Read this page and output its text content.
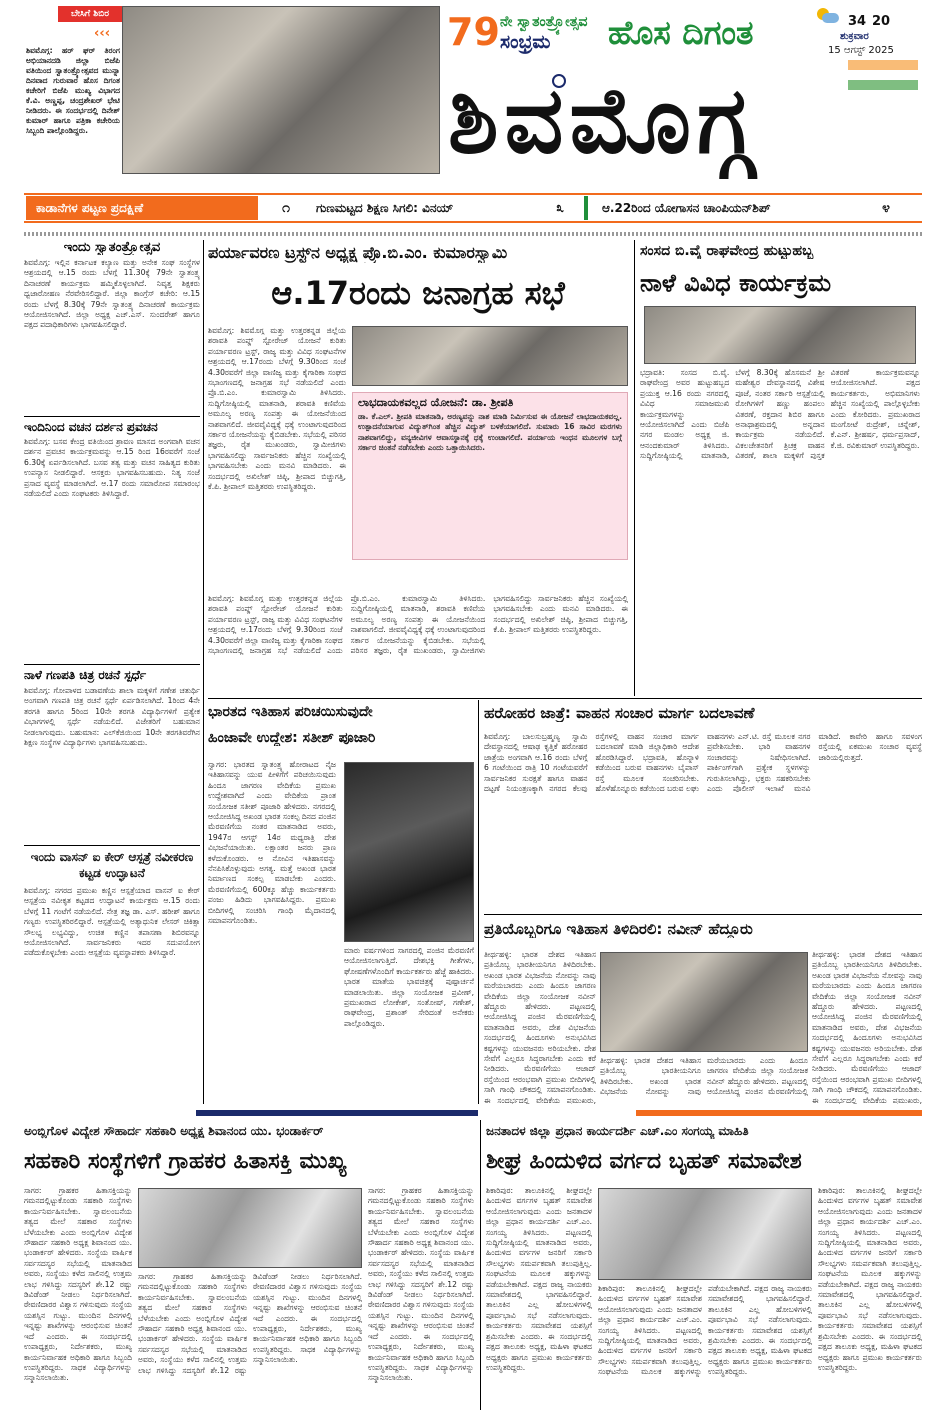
ಬೇಸಿಗೆ ಶಿಬಿರ
‹‹‹
ಶಿವಮೊಗ್ಗ: ಹರ್ ಘರ್ ತಿರಂಗ ಅಭಿಯಾನದಡಿ ಜಿಲ್ಲಾ ಬಿಜೆಪಿ ವತಿಯಿಂದ ಸ್ವಾತಂತ್ರ್ಯೋತ್ಸವದ ಮುನ್ನಾ ದಿನವಾದ ಗುರುವಾರ ಹೊಸ ದಿಗಂತ ಕಚೇರಿಗೆ ಬಿಜೆಪಿ ಮುಖ್ಯ ವಿಭಾಗದ ಕೆ.ವಿ. ಅಣ್ಣಪ್ಪ, ಚಂದ್ರಶೇಖರ್ ಭೇಟಿ ನೀಡಿದರು. ಈ ಸಂದರ್ಭದಲ್ಲಿ ದಿನೇಶ್ ಕುಮಾರ್ ಹಾಗೂ ಪತ್ರಿಕಾ ಕಚೇರಿಯ ಸಿಬ್ಬಂದಿ ಪಾಲ್ಗೊಂಡಿದ್ದರು.
79 ನೇ ಸ್ವಾತಂತ್ರ್ಯೋತ್ಸವ
ಸಂಭ್ರಮ ಹೊಸ ದಿಗಂತ	34 20
ಶುಕ್ರವಾರ
15 ಆಗಸ್ಟ್ 2025
ಶಿವಮೊಗ್ಗ
ಕಾಡಾನೆಗಳ ಪಟ್ಟಣ ಪ್ರದಕ್ಷಿಣೆ	೧	ಗುಣಮಟ್ಟದ ಶಿಕ್ಷಣ ಸಿಗಲಿ: ವಿನಯ್	೩	ಆ.22ರಿಂದ ಯೋಗಾಸನ ಚಾಂಪಿಯನ್‌ಶಿಪ್	೪
ಇಂದು ಸ್ವಾತಂತ್ರ್ಯೋತ್ಸವ
ಶಿವಮೊಗ್ಗ: ಇಲ್ಲಿನ ಕರ್ನಾಟಕ ಕಲ್ಯಾಣ ಮತ್ತು ಅನೇಕ ಸಂಘ ಸಂಸ್ಥೆಗಳ ಆಶ್ರಯದಲ್ಲಿ ಆ.15 ರಂದು ಬೆಳಗ್ಗೆ 11.30ಕ್ಕೆ 79ನೇ ಸ್ವಾತಂತ್ರ್ಯ ದಿನಾಚರಣೆ ಕಾರ್ಯಕ್ರಮ ಹಮ್ಮಿಕೊಳ್ಳಲಾಗಿದೆ. ನಿವೃತ್ತ ಶಿಕ್ಷಕರು ಧ್ವಜಾರೋಹಣ ನೆರವೇರಿಸಲಿದ್ದಾರೆ. ಜಿಲ್ಲಾ ಕಾಂಗ್ರೆಸ್ ಕಚೇರಿ: ಆ.15 ರಂದು ಬೆಳಗ್ಗೆ 8.30ಕ್ಕೆ 79ನೇ ಸ್ವಾತಂತ್ರ್ಯ ದಿನಾಚರಣೆ ಕಾರ್ಯಕ್ರಮ ಆಯೋಜಿಸಲಾಗಿದೆ. ಜಿಲ್ಲಾ ಅಧ್ಯಕ್ಷ ಎಚ್.ಎಸ್. ಸುಂದರೇಶ್ ಹಾಗೂ ಪಕ್ಷದ ಪದಾಧಿಕಾರಿಗಳು ಭಾಗವಹಿಸಲಿದ್ದಾರೆ.
ಇಂದಿನಿಂದ ವಚನ ದರ್ಶನ ಪ್ರವಚನ
ಶಿವಮೊಗ್ಗ: ಬಸವ ಕೇಂದ್ರ ವತಿಯಿಂದ ಶ್ರಾವಣ ಮಾಸದ ಅಂಗವಾಗಿ ವಚನ ದರ್ಶನ ಪ್ರವಚನ ಕಾರ್ಯಕ್ರಮವನ್ನು ಆ.15 ರಿಂದ 16ರವರೆಗೆ ಸಂಜೆ 6.30ಕ್ಕೆ ಏರ್ಪಡಿಸಲಾಗಿದೆ. ಬಸವ ತತ್ವ ಮತ್ತು ವಚನ ಸಾಹಿತ್ಯದ ಕುರಿತು ಉಪನ್ಯಾಸ ನೀಡಲಿದ್ದಾರೆ. ಆಸಕ್ತರು ಭಾಗವಹಿಸಬಹುದು. ನಿತ್ಯ ಸಂಜೆ ಪ್ರಸಾದ ವ್ಯವಸ್ಥೆ ಮಾಡಲಾಗಿದೆ. ಆ.17 ರಂದು ಸಮಾರೋಪ ಸಮಾರಂಭ ನಡೆಯಲಿದೆ ಎಂದು ಸಂಘಟಕರು ತಿಳಿಸಿದ್ದಾರೆ.
ನಾಳೆ ಗಣಪತಿ ಚಿತ್ರ ರಚನೆ ಸ್ಪರ್ಧೆ
ಶಿವಮೊಗ್ಗ: ಗೋಪಾಳದ ಬಡಾವಣೆಯ ಶಾಲಾ ಮಕ್ಕಳಿಗೆ ಗಣೇಶ ಚತುರ್ಥಿ ಅಂಗವಾಗಿ ಗಣಪತಿ ಚಿತ್ರ ರಚನೆ ಸ್ಪರ್ಧೆ ಏರ್ಪಡಿಸಲಾಗಿದೆ. 1ರಿಂದ 4ನೇ ತರಗತಿ ಹಾಗೂ 5ರಿಂದ 10ನೇ ತರಗತಿ ವಿದ್ಯಾರ್ಥಿಗಳಿಗೆ ಪ್ರತ್ಯೇಕ ವಿಭಾಗಗಳಲ್ಲಿ ಸ್ಪರ್ಧೆ ನಡೆಯಲಿದೆ. ವಿಜೇತರಿಗೆ ಬಹುಮಾನ ನೀಡಲಾಗುವುದು. ಬಹುಮಾನ: ಎಲ್‌ಕೆಜಿಯಿಂದ 10ನೇ ತರಗತಿವರೆಗಿನ ಶಿಕ್ಷಣ ಸಂಸ್ಥೆಗಳ ವಿದ್ಯಾರ್ಥಿಗಳು ಭಾಗವಹಿಸಬಹುದು.
ಇಂದು ವಾಸನ್ ಐ ಕೇರ್ ಆಸ್ಪತ್ರೆ ನವೀಕರಣ ಕಟ್ಟಡ ಉದ್ಘಾಟನೆ
ಶಿವಮೊಗ್ಗ: ನಗರದ ಪ್ರಮುಖ ಕಣ್ಣಿನ ಆಸ್ಪತ್ರೆಯಾದ ವಾಸನ್ ಐ ಕೇರ್ ಆಸ್ಪತ್ರೆಯ ನವೀಕೃತ ಕಟ್ಟಡದ ಉದ್ಘಾಟನೆ ಕಾರ್ಯಕ್ರಮ ಆ.15 ರಂದು ಬೆಳಗ್ಗೆ 11 ಗಂಟೆಗೆ ನಡೆಯಲಿದೆ. ನೇತ್ರ ತಜ್ಞ ಡಾ. ಎಸ್. ಹರೀಶ್ ಹಾಗೂ ಗಣ್ಯರು ಉಪಸ್ಥಿತರಿರಲಿದ್ದಾರೆ. ಆಸ್ಪತ್ರೆಯಲ್ಲಿ ಅತ್ಯಾಧುನಿಕ ಲೇಸರ್ ಚಿಕಿತ್ಸಾ ಸೌಲಭ್ಯ ಲಭ್ಯವಿದ್ದು, ಉಚಿತ ಕಣ್ಣಿನ ತಪಾಸಣಾ ಶಿಬಿರವನ್ನೂ ಆಯೋಜಿಸಲಾಗಿದೆ. ಸಾರ್ವಜನಿಕರು ಇದರ ಸದುಪಯೋಗ ಪಡೆದುಕೊಳ್ಳಬೇಕು ಎಂದು ಆಸ್ಪತ್ರೆಯ ವ್ಯವಸ್ಥಾಪಕರು ತಿಳಿಸಿದ್ದಾರೆ.
ಪರ್ಯಾವರಣ ಟ್ರಸ್ಟ್‌ನ ಅಧ್ಯಕ್ಷ ಪ್ರೊ.ಬಿ.ಎಂ. ಕುಮಾರಸ್ವಾಮಿ
ಆ.17ರಂದು ಜನಾಗ್ರಹ ಸಭೆ
ಶಿವಮೊಗ್ಗ: ಶಿವಮೊಗ್ಗ ಮತ್ತು ಉತ್ತರಕನ್ನಡ ಜಿಲ್ಲೆಯ ಶರಾವತಿ ಪಂಪ್ಡ್ ಸ್ಟೋರೇಜ್ ಯೋಜನೆ ಕುರಿತು ಪರ್ಯಾವರಣ ಟ್ರಸ್ಟ್, ರಾಜ್ಯ ಮತ್ತು ವಿವಿಧ ಸಂಘಟನೆಗಳ ಆಶ್ರಯದಲ್ಲಿ ಆ.17ರಂದು ಬೆಳಗ್ಗೆ 9.30ರಿಂದ ಸಂಜೆ 4.30ರವರೆಗೆ ಜಿಲ್ಲಾ ವಾಣಿಜ್ಯ ಮತ್ತು ಕೈಗಾರಿಕಾ ಸಂಘದ ಸಭಾಂಗಣದಲ್ಲಿ ಜನಾಗ್ರಹ ಸಭೆ ನಡೆಯಲಿದೆ ಎಂದು ಪ್ರೊ.ಬಿ.ಎಂ. ಕುಮಾರಸ್ವಾಮಿ ತಿಳಿಸಿದರು. ಸುದ್ದಿಗೋಷ್ಠಿಯಲ್ಲಿ ಮಾತನಾಡಿ, ಶರಾವತಿ ಕಣಿವೆಯ ಅಮೂಲ್ಯ ಅರಣ್ಯ ಸಂಪತ್ತು ಈ ಯೋಜನೆಯಿಂದ ನಾಶವಾಗಲಿದೆ. ಜೀವವೈವಿಧ್ಯಕ್ಕೆ ಧಕ್ಕೆ ಉಂಟಾಗುವುದರಿಂದ ಸರ್ಕಾರ ಯೋಜನೆಯನ್ನು ಕೈಬಿಡಬೇಕು. ಸಭೆಯಲ್ಲಿ ಪರಿಸರ ತಜ್ಞರು, ರೈತ ಮುಖಂಡರು, ಸ್ವಾಮೀಜಿಗಳು ಭಾಗವಹಿಸಲಿದ್ದು ಸಾರ್ವಜನಿಕರು ಹೆಚ್ಚಿನ ಸಂಖ್ಯೆಯಲ್ಲಿ ಭಾಗವಹಿಸಬೇಕು ಎಂದು ಮನವಿ ಮಾಡಿದರು. ಈ ಸಂದರ್ಭದಲ್ಲಿ ಅಖಿಲೇಶ್ ಚಿಪ್ಳಿ, ಶ್ರೀಪಾದ ಬಿಚ್ಚುಗತ್ತಿ, ಕೆ.ಪಿ. ಶ್ರೀಪಾಲ್ ಮತ್ತಿತರರು ಉಪಸ್ಥಿತರಿದ್ದರು.
ಲಾಭದಾಯಕವಲ್ಲದ ಯೋಜನೆ: ಡಾ. ಶ್ರೀಪತಿ
ಡಾ. ಕೆ.ಎಲ್. ಶ್ರೀಪತಿ ಮಾತನಾಡಿ, ಅರಣ್ಯವನ್ನು ನಾಶ ಮಾಡಿ ನಿರ್ಮಿಸುವ ಈ ಯೋಜನೆ ಲಾಭದಾಯಕವಲ್ಲ. ಉತ್ಪಾದನೆಯಾಗುವ ವಿದ್ಯುತ್‌ಗಿಂತ ಹೆಚ್ಚಿನ ವಿದ್ಯುತ್ ಬಳಕೆಯಾಗಲಿದೆ. ಸುಮಾರು 16 ಸಾವಿರ ಮರಗಳು ನಾಶವಾಗಲಿದ್ದು, ವನ್ಯಜೀವಿಗಳ ಆವಾಸಸ್ಥಾನಕ್ಕೆ ಧಕ್ಕೆ ಉಂಟಾಗಲಿದೆ. ಪರ್ಯಾಯ ಇಂಧನ ಮೂಲಗಳ ಬಗ್ಗೆ ಸರ್ಕಾರ ಚಿಂತನೆ ನಡೆಸಬೇಕು ಎಂದು ಒತ್ತಾಯಿಸಿದರು.
ಶಿವಮೊಗ್ಗ: ಶಿವಮೊಗ್ಗ ಮತ್ತು ಉತ್ತರಕನ್ನಡ ಜಿಲ್ಲೆಯ ಶರಾವತಿ ಪಂಪ್ಡ್ ಸ್ಟೋರೇಜ್ ಯೋಜನೆ ಕುರಿತು ಪರ್ಯಾವರಣ ಟ್ರಸ್ಟ್, ರಾಜ್ಯ ಮತ್ತು ವಿವಿಧ ಸಂಘಟನೆಗಳ ಆಶ್ರಯದಲ್ಲಿ ಆ.17ರಂದು ಬೆಳಗ್ಗೆ 9.30ರಿಂದ ಸಂಜೆ 4.30ರವರೆಗೆ ಜಿಲ್ಲಾ ವಾಣಿಜ್ಯ ಮತ್ತು ಕೈಗಾರಿಕಾ ಸಂಘದ ಸಭಾಂಗಣದಲ್ಲಿ ಜನಾಗ್ರಹ ಸಭೆ ನಡೆಯಲಿದೆ ಎಂದು ಪ್ರೊ.ಬಿ.ಎಂ. ಕುಮಾರಸ್ವಾಮಿ ತಿಳಿಸಿದರು. ಸುದ್ದಿಗೋಷ್ಠಿಯಲ್ಲಿ ಮಾತನಾಡಿ, ಶರಾವತಿ ಕಣಿವೆಯ ಅಮೂಲ್ಯ ಅರಣ್ಯ ಸಂಪತ್ತು ಈ ಯೋಜನೆಯಿಂದ ನಾಶವಾಗಲಿದೆ. ಜೀವವೈವಿಧ್ಯಕ್ಕೆ ಧಕ್ಕೆ ಉಂಟಾಗುವುದರಿಂದ ಸರ್ಕಾರ ಯೋಜನೆಯನ್ನು ಕೈಬಿಡಬೇಕು. ಸಭೆಯಲ್ಲಿ ಪರಿಸರ ತಜ್ಞರು, ರೈತ ಮುಖಂಡರು, ಸ್ವಾಮೀಜಿಗಳು ಭಾಗವಹಿಸಲಿದ್ದು ಸಾರ್ವಜನಿಕರು ಹೆಚ್ಚಿನ ಸಂಖ್ಯೆಯಲ್ಲಿ ಭಾಗವಹಿಸಬೇಕು ಎಂದು ಮನವಿ ಮಾಡಿದರು. ಈ ಸಂದರ್ಭದಲ್ಲಿ ಅಖಿಲೇಶ್ ಚಿಪ್ಳಿ, ಶ್ರೀಪಾದ ಬಿಚ್ಚುಗತ್ತಿ, ಕೆ.ಪಿ. ಶ್ರೀಪಾಲ್ ಮತ್ತಿತರರು ಉಪಸ್ಥಿತರಿದ್ದರು.
ಸಂಸದ ಬಿ.ವೈ ರಾಘವೇಂದ್ರ ಹುಟ್ಟುಹಬ್ಬ
ನಾಳೆ ವಿವಿಧ ಕಾರ್ಯಕ್ರಮ
ಭದ್ರಾವತಿ: ಸಂಸದ ಬಿ.ವೈ. ರಾಘವೇಂದ್ರ ಅವರ ಹುಟ್ಟುಹಬ್ಬದ ಪ್ರಯುಕ್ತ ಆ.16 ರಂದು ನಗರದಲ್ಲಿ ವಿವಿಧ ಸಮಾಜಮುಖಿ ಕಾರ್ಯಕ್ರಮಗಳನ್ನು ಆಯೋಜಿಸಲಾಗಿದೆ ಎಂದು ಬಿಜೆಪಿ ನಗರ ಮಂಡಲ ಅಧ್ಯಕ್ಷ ಜಿ. ಆನಂದಕುಮಾರ್ ತಿಳಿಸಿದರು. ಸುದ್ದಿಗೋಷ್ಠಿಯಲ್ಲಿ ಮಾತನಾಡಿ, ಬೆಳಗ್ಗೆ 8.30ಕ್ಕೆ ಹೊಸಮನೆ ಶ್ರೀ ಮಹೇಶ್ವರ ದೇವಸ್ಥಾನದಲ್ಲಿ ವಿಶೇಷ ಪೂಜೆ, ನಂತರ ಸರ್ಕಾರಿ ಆಸ್ಪತ್ರೆಯಲ್ಲಿ ರೋಗಿಗಳಿಗೆ ಹಣ್ಣು ಹಂಪಲು ವಿತರಣೆ, ರಕ್ತದಾನ ಶಿಬಿರ ಹಾಗೂ ಅನಾಥಾಶ್ರಮದಲ್ಲಿ ಅನ್ನದಾನ ಕಾರ್ಯಕ್ರಮ ನಡೆಯಲಿದೆ. ವಿಕಲಚೇತನರಿಗೆ ತ್ರಿಚಕ್ರ ವಾಹನ ವಿತರಣೆ, ಶಾಲಾ ಮಕ್ಕಳಿಗೆ ಪುಸ್ತಕ ವಿತರಣೆ ಕಾರ್ಯಕ್ರಮವನ್ನೂ ಆಯೋಜಿಸಲಾಗಿದೆ. ಪಕ್ಷದ ಕಾರ್ಯಕರ್ತರು, ಅಭಿಮಾನಿಗಳು ಹೆಚ್ಚಿನ ಸಂಖ್ಯೆಯಲ್ಲಿ ಪಾಲ್ಗೊಳ್ಳಬೇಕು ಎಂದು ಕೋರಿದರು. ಪ್ರಮುಖರಾದ ಮಂಗೋಟೆ ರುದ್ರೇಶ್, ಚನ್ನೇಶ್, ಕೆ.ಎನ್. ಶ್ರೀಹರ್ಷ, ಧರ್ಮಪ್ರಸಾದ್, ಕೆ.ಜಿ. ರವಿಕುಮಾರ್ ಉಪಸ್ಥಿತರಿದ್ದರು.
ಭಾರತದ ಇತಿಹಾಸ ಪರಿಚಯಿಸುವುದೇ
ಹಿಂಜಾವೇ ಉದ್ದೇಶ: ಸತೀಶ್ ಪೂಜಾರಿ
ಸ್ವಾಗರ: ಭಾರತದ ಸ್ವಾತಂತ್ರ್ಯ ಹೋರಾಟದ ನೈಜ ಇತಿಹಾಸವನ್ನು ಯುವ ಪೀಳಿಗೆಗೆ ಪರಿಚಯಿಸುವುದು ಹಿಂದೂ ಜಾಗರಣ ವೇದಿಕೆಯ ಪ್ರಮುಖ ಉದ್ದೇಶವಾಗಿದೆ ಎಂದು ವೇದಿಕೆಯ ಪ್ರಾಂತ ಸಂಯೋಜಕ ಸತೀಶ್ ಪೂಜಾರಿ ಹೇಳಿದರು. ನಗರದಲ್ಲಿ ಆಯೋಜಿಸಿದ್ದ ಅಖಂಡ ಭಾರತ ಸಂಕಲ್ಪ ದಿನದ ಪಂಜಿನ ಮೆರವಣಿಗೆಯ ನಂತರ ಮಾತನಾಡಿದ ಅವರು, 1947ರ ಆಗಸ್ಟ್ 14ರ ಮಧ್ಯರಾತ್ರಿ ದೇಶ ವಿಭಜನೆಯಾಯಿತು. ಲಕ್ಷಾಂತರ ಜನರು ಪ್ರಾಣ ಕಳೆದುಕೊಂಡರು. ಆ ನೋವಿನ ಇತಿಹಾಸವನ್ನು ನೆನಪಿಸಿಕೊಳ್ಳುವುದು ಅಗತ್ಯ. ಮತ್ತೆ ಅಖಂಡ ಭಾರತ ನಿರ್ಮಾಣದ ಸಂಕಲ್ಪ ಮಾಡಬೇಕು ಎಂದರು. ಮೆರವಣಿಗೆಯಲ್ಲಿ 600ಕ್ಕೂ ಹೆಚ್ಚು ಕಾರ್ಯಕರ್ತರು ಪಂಜು ಹಿಡಿದು ಭಾಗವಹಿಸಿದ್ದರು. ಪ್ರಮುಖ ಬೀದಿಗಳಲ್ಲಿ ಸಂಚರಿಸಿ ಗಾಂಧಿ ಮೈದಾನದಲ್ಲಿ ಸಮಾಪನಗೊಂಡಿತು.
ಮಾರು ವರ್ಷಗಳಿಂದ ಸಾಗರದಲ್ಲಿ ಪಂಜಿನ ಮೆರವಣಿಗೆ ಆಯೋಜಿಸಲಾಗುತ್ತಿದೆ. ದೇಶಭಕ್ತಿ ಗೀತೆಗಳು, ಘೋಷಣೆಗಳೊಂದಿಗೆ ಕಾರ್ಯಕರ್ತರು ಹೆಜ್ಜೆ ಹಾಕಿದರು. ಭಾರತ ಮಾತೆಯ ಭಾವಚಿತ್ರಕ್ಕೆ ಪುಷ್ಪಾರ್ಚನೆ ಮಾಡಲಾಯಿತು. ಜಿಲ್ಲಾ ಸಂಯೋಜಕ ಪ್ರವೀಣ್, ಪ್ರಮುಖರಾದ ಲೋಕೇಶ್, ಸಂತೋಷ್, ಗಣೇಶ್, ರಾಘವೇಂದ್ರ, ಪ್ರಶಾಂತ್ ಸೇರಿದಂತೆ ಅನೇಕರು ಪಾಲ್ಗೊಂಡಿದ್ದರು.
ಹರೋಹರ ಜಾತ್ರೆ: ವಾಹನ ಸಂಚಾರ ಮಾರ್ಗ ಬದಲಾವಣೆ
ಶಿವಮೊಗ್ಗ: ಬಾಲಸುಬ್ರಹ್ಮಣ್ಯ ಸ್ವಾಮಿ ದೇವಸ್ಥಾನದಲ್ಲಿ ಆಷಾಢ ಕೃತ್ತಿಕೆ ಹರೋಹರ ಜಾತ್ರೆಯ ಅಂಗವಾಗಿ ಆ.16 ರಂದು ಬೆಳಗ್ಗೆ 6 ಗಂಟೆಯಿಂದ ರಾತ್ರಿ 10 ಗಂಟೆಯವರೆಗೆ ಸಾರ್ವಜನಿಕರ ಸುರಕ್ಷತೆ ಹಾಗೂ ವಾಹನ ದಟ್ಟಣೆ ನಿಯಂತ್ರಣಕ್ಕಾಗಿ ನಗರದ ಕೆಲವು ರಸ್ತೆಗಳಲ್ಲಿ ವಾಹನ ಸಂಚಾರ ಮಾರ್ಗ ಬದಲಾವಣೆ ಮಾಡಿ ಜಿಲ್ಲಾಧಿಕಾರಿ ಆದೇಶ ಹೊರಡಿಸಿದ್ದಾರೆ. ಭದ್ರಾವತಿ, ಹೊನ್ನಾಳಿ ಕಡೆಯಿಂದ ಬರುವ ವಾಹನಗಳು ಬೈಪಾಸ್ ರಸ್ತೆ ಮೂಲಕ ಸಂಚರಿಸಬೇಕು. ಹೊಳೆಹೊನ್ನೂರು ಕಡೆಯಿಂದ ಬರುವ ಲಘು ವಾಹನಗಳು ಎನ್.ಟಿ. ರಸ್ತೆ ಮೂಲಕ ನಗರ ಪ್ರವೇಶಿಸಬೇಕು. ಭಾರಿ ವಾಹನಗಳ ಸಂಚಾರವನ್ನು ನಿಷೇಧಿಸಲಾಗಿದೆ. ಪಾರ್ಕಿಂಗ್‌ಗಾಗಿ ಪ್ರತ್ಯೇಕ ಸ್ಥಳಗಳನ್ನು ಗುರುತಿಸಲಾಗಿದ್ದು, ಭಕ್ತರು ಸಹಕರಿಸಬೇಕು ಎಂದು ಪೊಲೀಸ್ ಇಲಾಖೆ ಮನವಿ ಮಾಡಿದೆ. ಕಾವೇರಿ ಹಾಗೂ ಸವಳಂಗ ರಸ್ತೆಯಲ್ಲಿ ಏಕಮುಖ ಸಂಚಾರ ವ್ಯವಸ್ಥೆ ಜಾರಿಯಲ್ಲಿರುತ್ತದೆ.
ಪ್ರತಿಯೊಬ್ಬರಿಗೂ ಇತಿಹಾಸ ತಿಳಿದಿರಲಿ: ನವೀನ್ ಹೆದ್ದೂರು
ತೀರ್ಥಹಳ್ಳಿ: ಭಾರತ ದೇಶದ ಇತಿಹಾಸ ಪ್ರತಿಯೊಬ್ಬ ಭಾರತೀಯನಿಗೂ ತಿಳಿದಿರಬೇಕು. ಅಖಂಡ ಭಾರತ ವಿಭಜನೆಯ ನೋವನ್ನು ನಾವು ಮರೆಯಬಾರದು ಎಂದು ಹಿಂದೂ ಜಾಗರಣ ವೇದಿಕೆಯ ಜಿಲ್ಲಾ ಸಂಯೋಜಕ ನವೀನ್ ಹೆದ್ದೂರು ಹೇಳಿದರು. ಪಟ್ಟಣದಲ್ಲಿ ಆಯೋಜಿಸಿದ್ದ ಪಂಜಿನ ಮೆರವಣಿಗೆಯಲ್ಲಿ ಮಾತನಾಡಿದ ಅವರು, ದೇಶ ವಿಭಜನೆಯ ಸಂದರ್ಭದಲ್ಲಿ ಹಿಂದೂಗಳು ಅನುಭವಿಸಿದ ಕಷ್ಟಗಳನ್ನು ಯುವಜನರು ಅರಿಯಬೇಕು. ದೇಶ ಸೇವೆಗೆ ಎಲ್ಲರೂ ಸಿದ್ಧರಾಗಬೇಕು ಎಂದು ಕರೆ ನೀಡಿದರು. ಮೆರವಣಿಗೆಯು ಆಜಾದ್ ರಸ್ತೆಯಿಂದ ಆರಂಭವಾಗಿ ಪ್ರಮುಖ ಬೀದಿಗಳಲ್ಲಿ ಸಾಗಿ ಗಾಂಧಿ ಚೌಕದಲ್ಲಿ ಸಮಾಪನಗೊಂಡಿತು. ಈ ಸಂದರ್ಭದಲ್ಲಿ ವೇದಿಕೆಯ ಪ್ರಮುಖರು,
ತೀರ್ಥಹಳ್ಳಿ: ಭಾರತ ದೇಶದ ಇತಿಹಾಸ ಪ್ರತಿಯೊಬ್ಬ ಭಾರತೀಯನಿಗೂ ತಿಳಿದಿರಬೇಕು. ಅಖಂಡ ಭಾರತ ವಿಭಜನೆಯ ನೋವನ್ನು ನಾವು ಮರೆಯಬಾರದು ಎಂದು ಹಿಂದೂ ಜಾಗರಣ ವೇದಿಕೆಯ ಜಿಲ್ಲಾ ಸಂಯೋಜಕ ನವೀನ್ ಹೆದ್ದೂರು ಹೇಳಿದರು. ಪಟ್ಟಣದಲ್ಲಿ ಆಯೋಜಿಸಿದ್ದ ಪಂಜಿನ ಮೆರವಣಿಗೆಯಲ್ಲಿ
ತೀರ್ಥಹಳ್ಳಿ: ಭಾರತ ದೇಶದ ಇತಿಹಾಸ ಪ್ರತಿಯೊಬ್ಬ ಭಾರತೀಯನಿಗೂ ತಿಳಿದಿರಬೇಕು. ಅಖಂಡ ಭಾರತ ವಿಭಜನೆಯ ನೋವನ್ನು ನಾವು ಮರೆಯಬಾರದು ಎಂದು ಹಿಂದೂ ಜಾಗರಣ ವೇದಿಕೆಯ ಜಿಲ್ಲಾ ಸಂಯೋಜಕ ನವೀನ್ ಹೆದ್ದೂರು ಹೇಳಿದರು. ಪಟ್ಟಣದಲ್ಲಿ ಆಯೋಜಿಸಿದ್ದ ಪಂಜಿನ ಮೆರವಣಿಗೆಯಲ್ಲಿ ಮಾತನಾಡಿದ ಅವರು, ದೇಶ ವಿಭಜನೆಯ ಸಂದರ್ಭದಲ್ಲಿ ಹಿಂದೂಗಳು ಅನುಭವಿಸಿದ ಕಷ್ಟಗಳನ್ನು ಯುವಜನರು ಅರಿಯಬೇಕು. ದೇಶ ಸೇವೆಗೆ ಎಲ್ಲರೂ ಸಿದ್ಧರಾಗಬೇಕು ಎಂದು ಕರೆ ನೀಡಿದರು. ಮೆರವಣಿಗೆಯು ಆಜಾದ್ ರಸ್ತೆಯಿಂದ ಆರಂಭವಾಗಿ ಪ್ರಮುಖ ಬೀದಿಗಳಲ್ಲಿ ಸಾಗಿ ಗಾಂಧಿ ಚೌಕದಲ್ಲಿ ಸಮಾಪನಗೊಂಡಿತು. ಈ ಸಂದರ್ಭದಲ್ಲಿ ವೇದಿಕೆಯ ಪ್ರಮುಖರು,
ಅಂಬ್ಲಿಗೊಳ ವಿದ್ಯೇಶ ಸೌಹಾರ್ದ ಸಹಕಾರಿ ಅಧ್ಯಕ್ಷ ಶಿವಾನಂದ ಯು. ಭಂಡಾರ್ಕರ್
ಸಹಕಾರಿ ಸಂಸ್ಥೆಗಳಿಗೆ ಗ್ರಾಹಕರ ಹಿತಾಸಕ್ತಿ ಮುಖ್ಯ
ಸಾಗರ: ಗ್ರಾಹಕರ ಹಿತಾಸಕ್ತಿಯನ್ನು ಗಮನದಲ್ಲಿಟ್ಟುಕೊಂಡು ಸಹಕಾರಿ ಸಂಸ್ಥೆಗಳು ಕಾರ್ಯನಿರ್ವಹಿಸಬೇಕು. ಸ್ವಾವಲಂಬನೆಯ ತತ್ವದ ಮೇಲೆ ಸಹಕಾರ ಸಂಸ್ಥೆಗಳು ಬೆಳೆಯಬೇಕು ಎಂದು ಅಂಬ್ಲಿಗೊಳ ವಿದ್ಯೇಶ ಸೌಹಾರ್ದ ಸಹಕಾರಿ ಅಧ್ಯಕ್ಷ ಶಿವಾನಂದ ಯು. ಭಂಡಾರ್ಕರ್ ಹೇಳಿದರು. ಸಂಸ್ಥೆಯ ವಾರ್ಷಿಕ ಸರ್ವಸದಸ್ಯರ ಸಭೆಯಲ್ಲಿ ಮಾತನಾಡಿದ ಅವರು, ಸಂಸ್ಥೆಯು ಕಳೆದ ಸಾಲಿನಲ್ಲಿ ಉತ್ತಮ ಲಾಭ ಗಳಿಸಿದ್ದು ಸದಸ್ಯರಿಗೆ ಶೇ.12 ರಷ್ಟು ಡಿವಿಡೆಂಡ್ ನೀಡಲು ನಿರ್ಧರಿಸಲಾಗಿದೆ. ಠೇವಣಿದಾರರ ವಿಶ್ವಾಸ ಗಳಿಸುವುದು ಸಂಸ್ಥೆಯ ಯಶಸ್ಸಿನ ಗುಟ್ಟು. ಮುಂದಿನ ದಿನಗಳಲ್ಲಿ ಇನ್ನಷ್ಟು ಶಾಖೆಗಳನ್ನು ಆರಂಭಿಸುವ ಚಿಂತನೆ ಇದೆ ಎಂದರು. ಈ ಸಂದರ್ಭದಲ್ಲಿ ಉಪಾಧ್ಯಕ್ಷರು, ನಿರ್ದೇಶಕರು, ಮುಖ್ಯ ಕಾರ್ಯನಿರ್ವಾಹಕ ಅಧಿಕಾರಿ ಹಾಗೂ ಸಿಬ್ಬಂದಿ ಉಪಸ್ಥಿತರಿದ್ದರು. ಸಾಧಕ ವಿದ್ಯಾರ್ಥಿಗಳನ್ನು ಸನ್ಮಾನಿಸಲಾಯಿತು.
ಸಾಗರ: ಗ್ರಾಹಕರ ಹಿತಾಸಕ್ತಿಯನ್ನು ಗಮನದಲ್ಲಿಟ್ಟುಕೊಂಡು ಸಹಕಾರಿ ಸಂಸ್ಥೆಗಳು ಕಾರ್ಯನಿರ್ವಹಿಸಬೇಕು. ಸ್ವಾವಲಂಬನೆಯ ತತ್ವದ ಮೇಲೆ ಸಹಕಾರ ಸಂಸ್ಥೆಗಳು ಬೆಳೆಯಬೇಕು ಎಂದು ಅಂಬ್ಲಿಗೊಳ ವಿದ್ಯೇಶ ಸೌಹಾರ್ದ ಸಹಕಾರಿ ಅಧ್ಯಕ್ಷ ಶಿವಾನಂದ ಯು. ಭಂಡಾರ್ಕರ್ ಹೇಳಿದರು. ಸಂಸ್ಥೆಯ ವಾರ್ಷಿಕ ಸರ್ವಸದಸ್ಯರ ಸಭೆಯಲ್ಲಿ ಮಾತನಾಡಿದ ಅವರು, ಸಂಸ್ಥೆಯು ಕಳೆದ ಸಾಲಿನಲ್ಲಿ ಉತ್ತಮ ಲಾಭ ಗಳಿಸಿದ್ದು ಸದಸ್ಯರಿಗೆ ಶೇ.12 ರಷ್ಟು ಡಿವಿಡೆಂಡ್ ನೀಡಲು ನಿರ್ಧರಿಸಲಾಗಿದೆ. ಠೇವಣಿದಾರರ ವಿಶ್ವಾಸ ಗಳಿಸುವುದು ಸಂಸ್ಥೆಯ ಯಶಸ್ಸಿನ ಗುಟ್ಟು. ಮುಂದಿನ ದಿನಗಳಲ್ಲಿ ಇನ್ನಷ್ಟು ಶಾಖೆಗಳನ್ನು ಆರಂಭಿಸುವ ಚಿಂತನೆ ಇದೆ ಎಂದರು. ಈ ಸಂದರ್ಭದಲ್ಲಿ ಉಪಾಧ್ಯಕ್ಷರು, ನಿರ್ದೇಶಕರು, ಮುಖ್ಯ ಕಾರ್ಯನಿರ್ವಾಹಕ ಅಧಿಕಾರಿ ಹಾಗೂ ಸಿಬ್ಬಂದಿ ಉಪಸ್ಥಿತರಿದ್ದರು. ಸಾಧಕ ವಿದ್ಯಾರ್ಥಿಗಳನ್ನು ಸನ್ಮಾನಿಸಲಾಯಿತು.
ಸಾಗರ: ಗ್ರಾಹಕರ ಹಿತಾಸಕ್ತಿಯನ್ನು ಗಮನದಲ್ಲಿಟ್ಟುಕೊಂಡು ಸಹಕಾರಿ ಸಂಸ್ಥೆಗಳು ಕಾರ್ಯನಿರ್ವಹಿಸಬೇಕು. ಸ್ವಾವಲಂಬನೆಯ ತತ್ವದ ಮೇಲೆ ಸಹಕಾರ ಸಂಸ್ಥೆಗಳು ಬೆಳೆಯಬೇಕು ಎಂದು ಅಂಬ್ಲಿಗೊಳ ವಿದ್ಯೇಶ ಸೌಹಾರ್ದ ಸಹಕಾರಿ ಅಧ್ಯಕ್ಷ ಶಿವಾನಂದ ಯು. ಭಂಡಾರ್ಕರ್ ಹೇಳಿದರು. ಸಂಸ್ಥೆಯ ವಾರ್ಷಿಕ ಸರ್ವಸದಸ್ಯರ ಸಭೆಯಲ್ಲಿ ಮಾತನಾಡಿದ ಅವರು, ಸಂಸ್ಥೆಯು ಕಳೆದ ಸಾಲಿನಲ್ಲಿ ಉತ್ತಮ ಲಾಭ ಗಳಿಸಿದ್ದು ಸದಸ್ಯರಿಗೆ ಶೇ.12 ರಷ್ಟು ಡಿವಿಡೆಂಡ್ ನೀಡಲು ನಿರ್ಧರಿಸಲಾಗಿದೆ. ಠೇವಣಿದಾರರ ವಿಶ್ವಾಸ ಗಳಿಸುವುದು ಸಂಸ್ಥೆಯ ಯಶಸ್ಸಿನ ಗುಟ್ಟು. ಮುಂದಿನ ದಿನಗಳಲ್ಲಿ ಇನ್ನಷ್ಟು ಶಾಖೆಗಳನ್ನು ಆರಂಭಿಸುವ ಚಿಂತನೆ ಇದೆ ಎಂದರು. ಈ ಸಂದರ್ಭದಲ್ಲಿ ಉಪಾಧ್ಯಕ್ಷರು, ನಿರ್ದೇಶಕರು, ಮುಖ್ಯ ಕಾರ್ಯನಿರ್ವಾಹಕ ಅಧಿಕಾರಿ ಹಾಗೂ ಸಿಬ್ಬಂದಿ ಉಪಸ್ಥಿತರಿದ್ದರು. ಸಾಧಕ ವಿದ್ಯಾರ್ಥಿಗಳನ್ನು ಸನ್ಮಾನಿಸಲಾಯಿತು.
ಜನತಾದಳ ಜಿಲ್ಲಾ ಪ್ರಧಾನ ಕಾರ್ಯದರ್ಶಿ ಎಚ್.ಎಂ ಸಂಗಯ್ಯ ಮಾಹಿತಿ
ಶೀಘ್ರ ಹಿಂದುಳಿದ ವರ್ಗದ ಬೃಹತ್ ಸಮಾವೇಶ
ಶಿಕಾರಿಪುರ: ತಾಲೂಕಿನಲ್ಲಿ ಶೀಘ್ರದಲ್ಲೇ ಹಿಂದುಳಿದ ವರ್ಗಗಳ ಬೃಹತ್ ಸಮಾವೇಶ ಆಯೋಜಿಸಲಾಗುವುದು ಎಂದು ಜನತಾದಳ ಜಿಲ್ಲಾ ಪ್ರಧಾನ ಕಾರ್ಯದರ್ಶಿ ಎಚ್.ಎಂ. ಸಂಗಯ್ಯ ತಿಳಿಸಿದರು. ಪಟ್ಟಣದಲ್ಲಿ ಸುದ್ದಿಗೋಷ್ಠಿಯಲ್ಲಿ ಮಾತನಾಡಿದ ಅವರು, ಹಿಂದುಳಿದ ವರ್ಗಗಳ ಜನರಿಗೆ ಸರ್ಕಾರಿ ಸೌಲಭ್ಯಗಳು ಸಮರ್ಪಕವಾಗಿ ತಲುಪುತ್ತಿಲ್ಲ. ಸಂಘಟನೆಯ ಮೂಲಕ ಹಕ್ಕುಗಳನ್ನು ಪಡೆಯಬೇಕಾಗಿದೆ. ಪಕ್ಷದ ರಾಜ್ಯ ನಾಯಕರು ಸಮಾವೇಶದಲ್ಲಿ ಭಾಗವಹಿಸಲಿದ್ದಾರೆ. ತಾಲೂಕಿನ ಎಲ್ಲ ಹೋಬಳಿಗಳಲ್ಲಿ ಪೂರ್ವಭಾವಿ ಸಭೆ ನಡೆಸಲಾಗುವುದು. ಕಾರ್ಯಕರ್ತರು ಸಮಾವೇಶದ ಯಶಸ್ಸಿಗೆ ಶ್ರಮಿಸಬೇಕು ಎಂದರು. ಈ ಸಂದರ್ಭದಲ್ಲಿ ಪಕ್ಷದ ತಾಲೂಕು ಅಧ್ಯಕ್ಷ, ಮಹಿಳಾ ಘಟಕದ ಅಧ್ಯಕ್ಷರು ಹಾಗೂ ಪ್ರಮುಖ ಕಾರ್ಯಕರ್ತರು ಉಪಸ್ಥಿತರಿದ್ದರು.
ಶಿಕಾರಿಪುರ: ತಾಲೂಕಿನಲ್ಲಿ ಶೀಘ್ರದಲ್ಲೇ ಹಿಂದುಳಿದ ವರ್ಗಗಳ ಬೃಹತ್ ಸಮಾವೇಶ ಆಯೋಜಿಸಲಾಗುವುದು ಎಂದು ಜನತಾದಳ ಜಿಲ್ಲಾ ಪ್ರಧಾನ ಕಾರ್ಯದರ್ಶಿ ಎಚ್.ಎಂ. ಸಂಗಯ್ಯ ತಿಳಿಸಿದರು. ಪಟ್ಟಣದಲ್ಲಿ ಸುದ್ದಿಗೋಷ್ಠಿಯಲ್ಲಿ ಮಾತನಾಡಿದ ಅವರು, ಹಿಂದುಳಿದ ವರ್ಗಗಳ ಜನರಿಗೆ ಸರ್ಕಾರಿ ಸೌಲಭ್ಯಗಳು ಸಮರ್ಪಕವಾಗಿ ತಲುಪುತ್ತಿಲ್ಲ. ಸಂಘಟನೆಯ ಮೂಲಕ ಹಕ್ಕುಗಳನ್ನು ಪಡೆಯಬೇಕಾಗಿದೆ. ಪಕ್ಷದ ರಾಜ್ಯ ನಾಯಕರು ಸಮಾವೇಶದಲ್ಲಿ ಭಾಗವಹಿಸಲಿದ್ದಾರೆ. ತಾಲೂಕಿನ ಎಲ್ಲ ಹೋಬಳಿಗಳಲ್ಲಿ ಪೂರ್ವಭಾವಿ ಸಭೆ ನಡೆಸಲಾಗುವುದು. ಕಾರ್ಯಕರ್ತರು ಸಮಾವೇಶದ ಯಶಸ್ಸಿಗೆ ಶ್ರಮಿಸಬೇಕು ಎಂದರು. ಈ ಸಂದರ್ಭದಲ್ಲಿ ಪಕ್ಷದ ತಾಲೂಕು ಅಧ್ಯಕ್ಷ, ಮಹಿಳಾ ಘಟಕದ ಅಧ್ಯಕ್ಷರು ಹಾಗೂ ಪ್ರಮುಖ ಕಾರ್ಯಕರ್ತರು ಉಪಸ್ಥಿತರಿದ್ದರು.
ಶಿಕಾರಿಪುರ: ತಾಲೂಕಿನಲ್ಲಿ ಶೀಘ್ರದಲ್ಲೇ ಹಿಂದುಳಿದ ವರ್ಗಗಳ ಬೃಹತ್ ಸಮಾವೇಶ ಆಯೋಜಿಸಲಾಗುವುದು ಎಂದು ಜನತಾದಳ ಜಿಲ್ಲಾ ಪ್ರಧಾನ ಕಾರ್ಯದರ್ಶಿ ಎಚ್.ಎಂ. ಸಂಗಯ್ಯ ತಿಳಿಸಿದರು. ಪಟ್ಟಣದಲ್ಲಿ ಸುದ್ದಿಗೋಷ್ಠಿಯಲ್ಲಿ ಮಾತನಾಡಿದ ಅವರು, ಹಿಂದುಳಿದ ವರ್ಗಗಳ ಜನರಿಗೆ ಸರ್ಕಾರಿ ಸೌಲಭ್ಯಗಳು ಸಮರ್ಪಕವಾಗಿ ತಲುಪುತ್ತಿಲ್ಲ. ಸಂಘಟನೆಯ ಮೂಲಕ ಹಕ್ಕುಗಳನ್ನು ಪಡೆಯಬೇಕಾಗಿದೆ. ಪಕ್ಷದ ರಾಜ್ಯ ನಾಯಕರು ಸಮಾವೇಶದಲ್ಲಿ ಭಾಗವಹಿಸಲಿದ್ದಾರೆ. ತಾಲೂಕಿನ ಎಲ್ಲ ಹೋಬಳಿಗಳಲ್ಲಿ ಪೂರ್ವಭಾವಿ ಸಭೆ ನಡೆಸಲಾಗುವುದು. ಕಾರ್ಯಕರ್ತರು ಸಮಾವೇಶದ ಯಶಸ್ಸಿಗೆ ಶ್ರಮಿಸಬೇಕು ಎಂದರು. ಈ ಸಂದರ್ಭದಲ್ಲಿ ಪಕ್ಷದ ತಾಲೂಕು ಅಧ್ಯಕ್ಷ, ಮಹಿಳಾ ಘಟಕದ ಅಧ್ಯಕ್ಷರು ಹಾಗೂ ಪ್ರಮುಖ ಕಾರ್ಯಕರ್ತರು ಉಪಸ್ಥಿತರಿದ್ದರು.
